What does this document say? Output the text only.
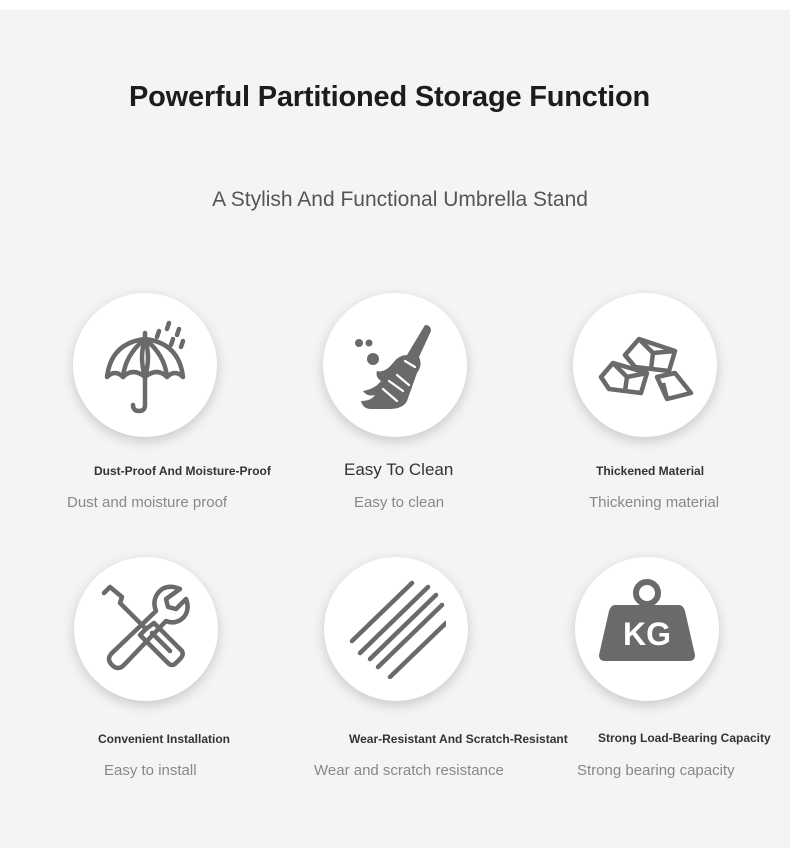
Powerful Partitioned Storage Function

A Stylish And Functional Umbrella Stand

Dust-Proof And Moisture-Proof
Dust and moisture proof
Easy To Clean
Easy to clean
Thickened Material
Thickening material
Convenient Installation
Easy to install
Wear-Resistant And Scratch-Resistant
Wear and scratch resistance
KG
Strong Load-Bearing Capacity
Strong bearing capacity
